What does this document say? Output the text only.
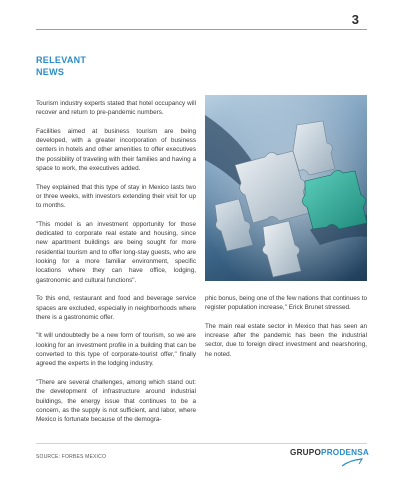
3
RELEVANT
NEWS

Tourism industry experts stated that hotel occupancy will recover and return to pre-pandemic numbers.

Facilities aimed at business tourism are being developed, with a greater incorporation of business centers in hotels and other amenities to offer executives the possibility of traveling with their families and having a space to work, the executives added.

They explained that this type of stay in Mexico lasts two or three weeks, with investors extending their visit for up to months.

"This model is an investment opportunity for those dedicated to corporate real estate and housing, since new apartment buildings are being sought for more residential tourism and to offer long-stay guests, who are looking for a more familiar environment, specific locations where they can have office, lodging, gastronomic and cultural functions".

To this end, restaurant and food and beverage service spaces are excluded, especially in neighborhoods where there is a gastronomic offer.

"It will undoubtedly be a new form of tourism, so we are looking for an investment profile in a building that can be converted to this type of corporate-tourist offer," finally agreed the experts in the lodging industry.

"There are several challenges, among which stand out: the development of infrastructure around industrial buildings, the energy issue that continues to be a concern, as the supply is not sufficient, and labor, where Mexico is fortunate because of the demogra-

phic bonus, being one of the few nations that continues to register population increase," Erick Brunet stressed.

The main real estate sector in Mexico that has seen an increase after the pandemic has been the industrial sector, due to foreign direct investment and nearshoring, he noted.

SOURCE: FORBES MEXICO	GRUPOPRODENSA
